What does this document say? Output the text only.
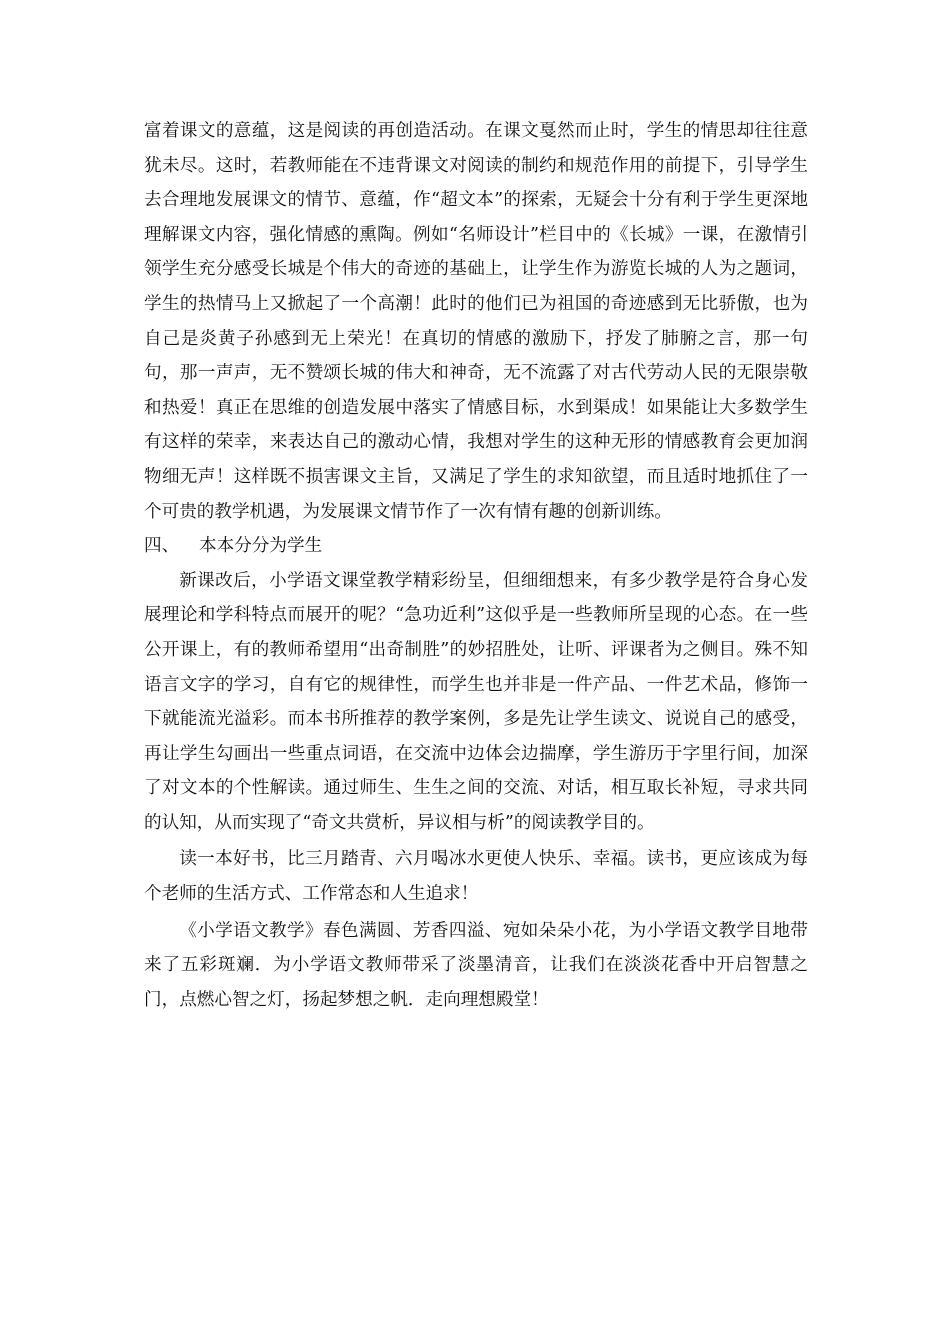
富着课文的意蕴，这是阅读的再创造活动。在课文戛然而止时，学生的情思却往往意犹未尽。这时，若教师能在不违背课文对阅读的制约和规范作用的前提下，引导学生去合理地发展课文的情节、意蕴，作“超文本”的探索，无疑会十分有利于学生更深地理解课文内容，强化情感的熏陶。例如“名师设计”栏目中的《长城》一课，在激情引领学生充分感受长城是个伟大的奇迹的基础上，让学生作为游览长城的人为之题词，学生的热情马上又掀起了一个高潮！此时的他们已为祖国的奇迹感到无比骄傲，也为自己是炎黄子孙感到无上荣光！在真切的情感的激励下，抒发了肺腑之言，那一句句，那一声声，无不赞颂长城的伟大和神奇，无不流露了对古代劳动人民的无限崇敬和热爱！真正在思维的创造发展中落实了情感目标，水到渠成！如果能让大多数学生有这样的荣幸，来表达自己的激动心情，我想对学生的这种无形的情感教育会更加润物细无声！这样既不损害课文主旨，又满足了学生的求知欲望，而且适时地抓住了一个可贵的教学机遇，为发展课文情节作了一次有情有趣的创新训练。

四、 本本分分为学生

新课改后，小学语文课堂教学精彩纷呈，但细细想来，有多少教学是符合身心发展理论和学科特点而展开的呢？“急功近利”这似乎是一些教师所呈现的心态。在一些公开课上，有的教师希望用“出奇制胜”的妙招胜处，让听、评课者为之侧目。殊不知语言文字的学习，自有它的规律性，而学生也并非是一件产品、一件艺术品，修饰一下就能流光溢彩。而本书所推荐的教学案例，多是先让学生读文、说说自己的感受，再让学生勾画出一些重点词语，在交流中边体会边揣摩，学生游历于字里行间，加深了对文本的个性解读。通过师生、生生之间的交流、对话，相互取长补短，寻求共同的认知，从而实现了“奇文共赏析，异议相与析”的阅读教学目的。

读一本好书，比三月踏青、六月喝冰水更使人快乐、幸福。读书，更应该成为每个老师的生活方式、工作常态和人生追求！

《小学语文教学》春色满圆、芳香四溢、宛如朵朵小花，为小学语文教学目地带来了五彩斑斓．为小学语文教师带采了淡墨清音，让我们在淡淡花香中开启智慧之门，点燃心智之灯，扬起梦想之帆．走向理想殿堂！
